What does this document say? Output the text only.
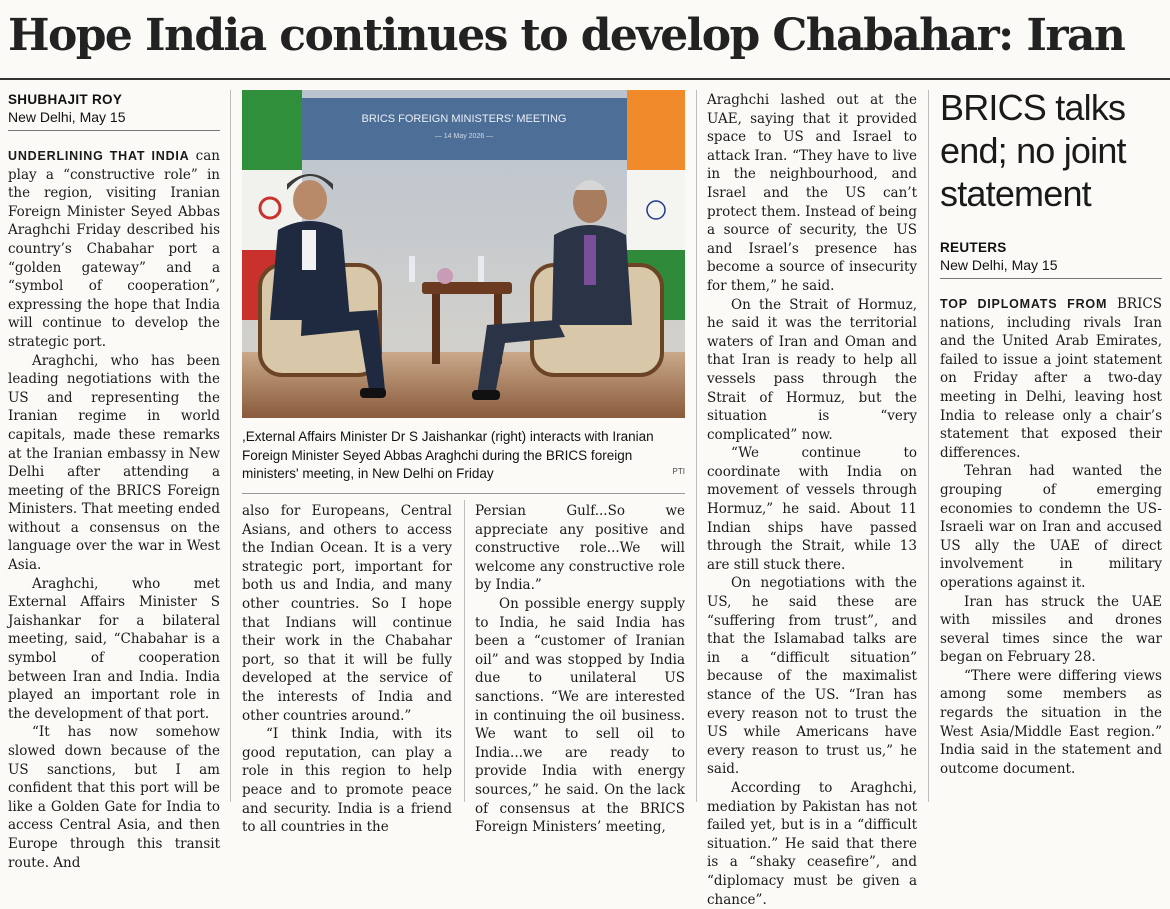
Hope India continues to develop Chabahar: Iran
SHUBHAJIT ROY
New Delhi, May 15

UNDERLINING THAT INDIA can play a “constructive role” in the region, visiting Iranian Foreign Minister Seyed Abbas Araghchi Friday described his country’s Chabahar port a “golden gateway” and a “symbol of cooperation”, expressing the hope that India will continue to develop the strategic port.

Araghchi, who has been leading negotiations with the US and representing the Iranian regime in world capitals, made these remarks at the Iranian embassy in New Delhi after attending a meeting of the BRICS Foreign Ministers. That meeting ended without a consensus on the language over the war in West Asia.

Araghchi, who met External Affairs Minister S Jaishankar for a bilateral meeting, said, “Chabahar is a symbol of cooperation between Iran and India. India played an important role in the development of that port.

“It has now somehow slowed down because of the US sanctions, but I am confident that this port will be like a Golden Gate for India to access Central Asia, and then Europe through this transit route. And

BRICS FOREIGN MINISTERS' MEETING
— 14 May 2026 —
,External Affairs Minister Dr S Jaishankar (right) interacts with Iranian Foreign Minister Seyed Abbas Araghchi during the BRICS foreign ministers' meeting, in New Delhi on Friday	PTI

also for Europeans, Central Asians, and others to access the Indian Ocean. It is a very strategic port, important for both us and India, and many other countries. So I hope that Indians will continue their work in the Chabahar port, so that it will be fully developed at the service of the interests of India and other countries around.”

“I think India, with its good reputation, can play a role in this region to help peace and to promote peace and security. India is a friend to all countries in the

Persian Gulf...So we appreciate any positive and constructive role...We will welcome any constructive role by India.”

On possible energy supply to India, he said India has been a “customer of Iranian oil” and was stopped by India due to unilateral US sanctions. “We are interested in continuing the oil business. We want to sell oil to India...we are ready to provide India with energy sources,” he said. On the lack of consensus at the BRICS Foreign Ministers’ meeting,

Araghchi lashed out at the UAE, saying that it provided space to US and Israel to attack Iran. “They have to live in the neighbourhood, and Israel and the US can’t protect them. Instead of being a source of security, the US and Israel’s presence has become a source of insecurity for them,” he said.

On the Strait of Hormuz, he said it was the territorial waters of Iran and Oman and that Iran is ready to help all vessels pass through the Strait of Hormuz, but the situation is “very complicated” now.

“We continue to coordinate with India on movement of vessels through Hormuz,” he said. About 11 Indian ships have passed through the Strait, while 13 are still stuck there.

On negotiations with the US, he said these are “suffering from trust”, and that the Islamabad talks are in a “difficult situation” because of the maximalist stance of the US. “Iran has every reason not to trust the US while Americans have every reason to trust us,” he said.

According to Araghchi, mediation by Pakistan has not failed yet, but is in a “difficult situation.” He said that there is a “shaky ceasefire”, and “diplomacy must be given a chance”.

BRICS talks end; no joint statement
REUTERS
New Delhi, May 15

TOP DIPLOMATS FROM BRICS nations, including rivals Iran and the United Arab Emirates, failed to issue a joint statement on Friday after a two-day meeting in Delhi, leaving host India to release only a chair’s statement that exposed their differences.

Tehran had wanted the grouping of emerging economies to condemn the US-Israeli war on Iran and accused US ally the UAE of direct involvement in military operations against it.

Iran has struck the UAE with missiles and drones several times since the war began on February 28.

“There were differing views among some members as regards the situation in the West Asia/Middle East region.” India said in the statement and outcome document.
